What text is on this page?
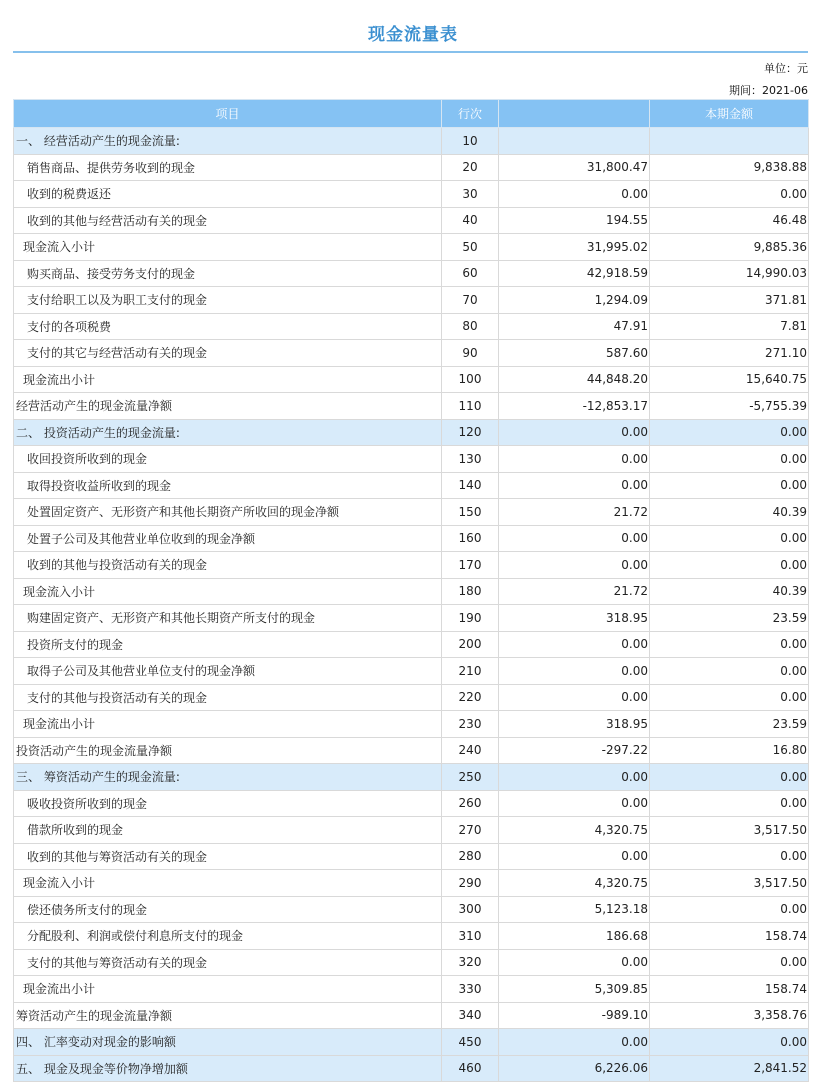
现金流量表
单位：元
期间：2021-06
项目	行次		本期金额
一、 经营活动产生的现金流量:	10		
销售商品、提供劳务收到的现金	20	31,800.47	9,838.88
收到的税费返还	30	0.00	0.00
收到的其他与经营活动有关的现金	40	194.55	46.48
现金流入小计	50	31,995.02	9,885.36
购买商品、接受劳务支付的现金	60	42,918.59	14,990.03
支付给职工以及为职工支付的现金	70	1,294.09	371.81
支付的各项税费	80	47.91	7.81
支付的其它与经营活动有关的现金	90	587.60	271.10
现金流出小计	100	44,848.20	15,640.75
经营活动产生的现金流量净额	110	-12,853.17	-5,755.39
二、 投资活动产生的现金流量:	120	0.00	0.00
收回投资所收到的现金	130	0.00	0.00
取得投资收益所收到的现金	140	0.00	0.00
处置固定资产、无形资产和其他长期资产所收回的现金净额	150	21.72	40.39
处置子公司及其他营业单位收到的现金净额	160	0.00	0.00
收到的其他与投资活动有关的现金	170	0.00	0.00
现金流入小计	180	21.72	40.39
购建固定资产、无形资产和其他长期资产所支付的现金	190	318.95	23.59
投资所支付的现金	200	0.00	0.00
取得子公司及其他营业单位支付的现金净额	210	0.00	0.00
支付的其他与投资活动有关的现金	220	0.00	0.00
现金流出小计	230	318.95	23.59
投资活动产生的现金流量净额	240	-297.22	16.80
三、 筹资活动产生的现金流量:	250	0.00	0.00
吸收投资所收到的现金	260	0.00	0.00
借款所收到的现金	270	4,320.75	3,517.50
收到的其他与筹资活动有关的现金	280	0.00	0.00
现金流入小计	290	4,320.75	3,517.50
偿还债务所支付的现金	300	5,123.18	0.00
分配股利、利润或偿付利息所支付的现金	310	186.68	158.74
支付的其他与筹资活动有关的现金	320	0.00	0.00
现金流出小计	330	5,309.85	158.74
筹资活动产生的现金流量净额	340	-989.10	3,358.76
四、 汇率变动对现金的影响额	450	0.00	0.00
五、 现金及现金等价物净增加额	460	6,226.06	2,841.52
